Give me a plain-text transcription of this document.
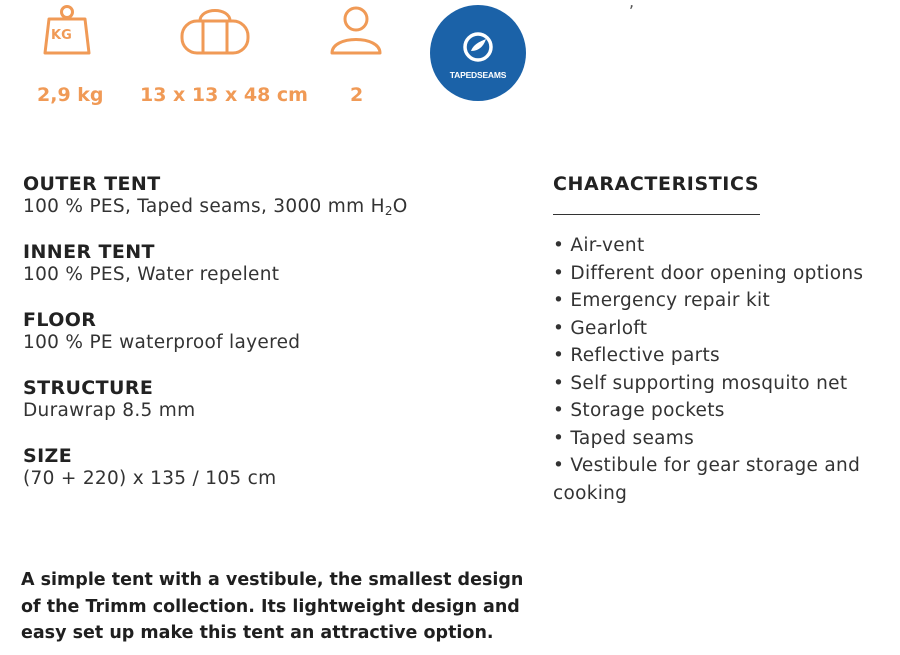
,
KG
2,9 kg 13 x 13 x 48 cm 2
TAPEDSEAMS
OUTER TENT
100 % PES, Taped seams, 3000 mm $H_2O$
INNER TENT
100 % PES, Water repelent
FLOOR
100 % PE waterproof layered
STRUCTURE
Durawrap 8.5 mm
SIZE
(70 + 220) x 135 / 105 cm
CHARACTERISTICS
• Air-vent
• Different door opening options
• Emergency repair kit
• Gearloft
• Reflective parts
• Self supporting mosquito net
• Storage pockets
• Taped seams
• Vestibule for gear storage and cooking
A simple tent with a vestibule, the smallest design of the Trimm collection. Its lightweight design and easy set up make this tent an attractive option.
